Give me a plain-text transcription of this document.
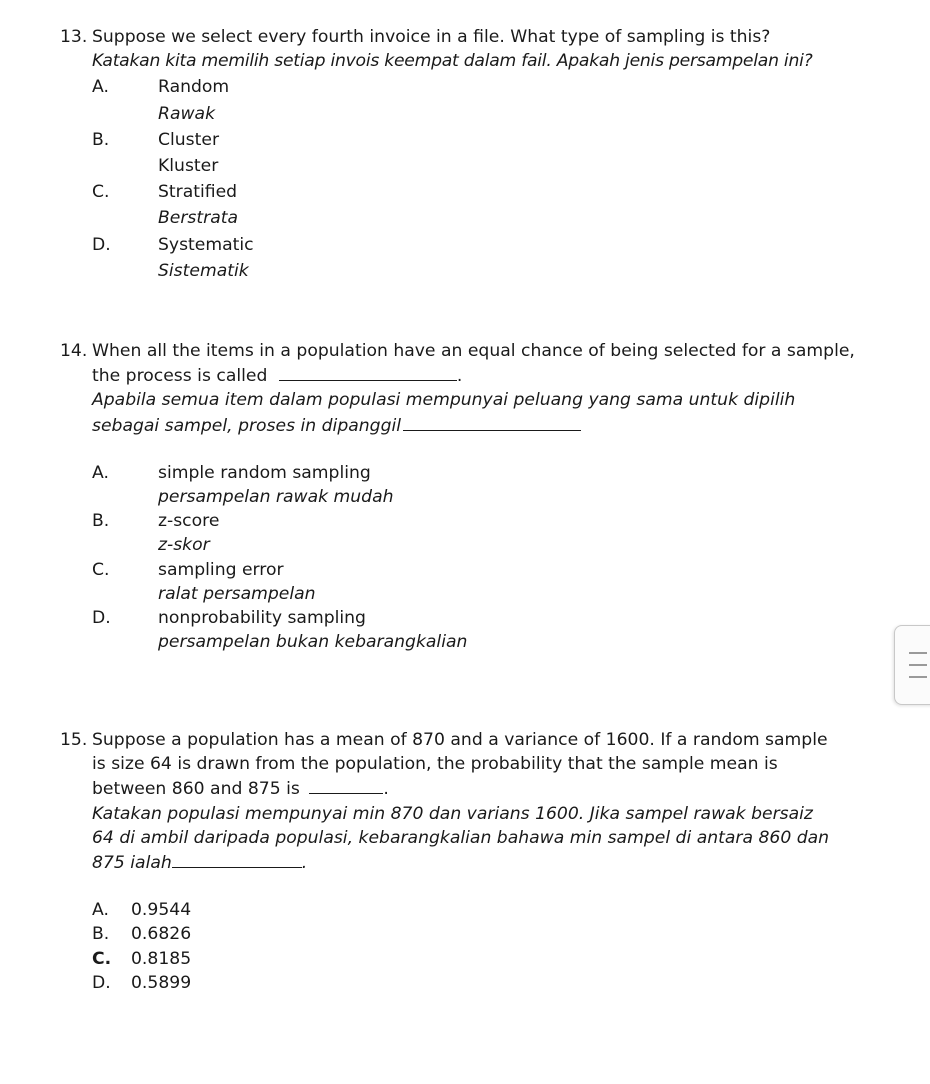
13. Suppose we select every fourth invoice in a file. What type of sampling is this?
Katakan kita memilih setiap invois keempat dalam fail. Apakah jenis persampelan ini?
A.	Random
Rawak
B.	Cluster
Kluster
C.	Stratified
Berstrata
D.	Systematic
Sistematik
14. When all the items in a population have an equal chance of being selected for a sample,
the process is called	.
Apabila semua item dalam populasi mempunyai peluang yang sama untuk dipilih
sebagai sampel, proses in dipanggil
A.	simple random sampling
persampelan rawak mudah
B.	z-score
z-skor
C.	sampling error
ralat persampelan
D.	nonprobability sampling
persampelan bukan kebarangkalian
15. Suppose a population has a mean of 870 and a variance of 1600. If a random sample
is size 64 is drawn from the population, the probability that the sample mean is
between 860 and 875 is	.
Katakan populasi mempunyai min 870 dan varians 1600. Jika sampel rawak bersaiz
64 di ambil daripada populasi, kebarangkalian bahawa min sampel di antara 860 dan
875 ialah	.
A.	0.9544
B.	0.6826
C.	0.8185
D.	0.5899
